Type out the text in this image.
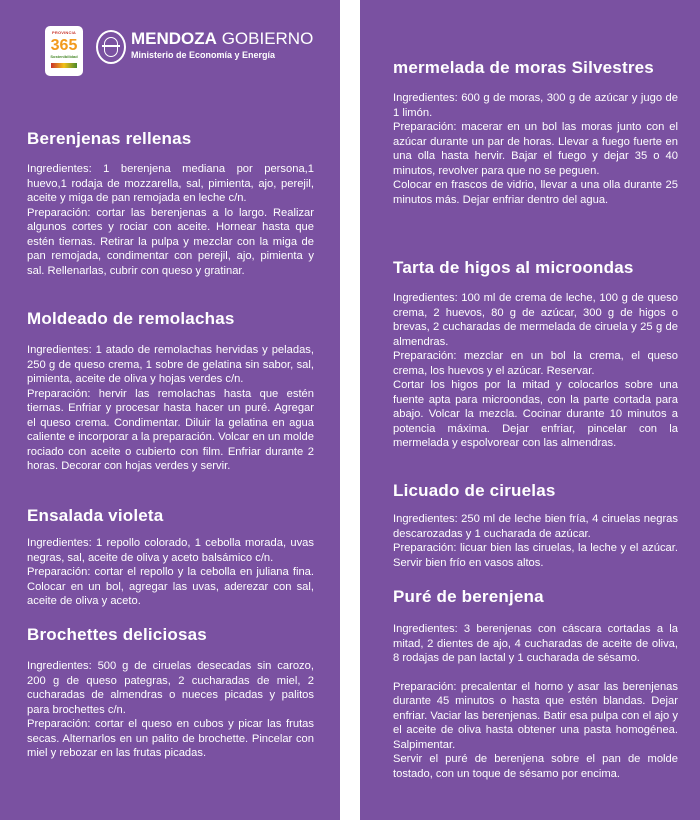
PROVINCIA
365
Sostenibilidad
MENDOZA GOBIERNO
Ministerio de Economía y Energía
Berenjenas rellenas

Ingredientes: 1 berenjena mediana por persona,1 huevo,1 rodaja de mozzarella, sal, pimienta, ajo, perejil, aceite y miga de pan remojada en leche c/n.

Preparación: cortar las berenjenas a lo largo. Realizar algunos cortes y rociar con aceite. Hornear hasta que estén tiernas. Retirar la pulpa y mezclar con la miga de pan remojada, condimentar con perejil, ajo, pimienta y sal. Rellenarlas, cubrir con queso y gratinar.

Moldeado de remolachas

Ingredientes: 1 atado de remolachas hervidas y peladas, 250 g de queso crema, 1 sobre de gelatina sin sabor, sal, pimienta, aceite de oliva y hojas verdes c/n.

Preparación: hervir las remolachas hasta que estén tiernas. Enfriar y procesar hasta hacer un puré. Agregar el queso crema. Condimentar. Diluir la gelatina en agua caliente e incorporar a la preparación. Volcar en un molde rociado con aceite o cubierto con film. Enfriar durante 2 horas. Decorar con hojas verdes y servir.

Ensalada violeta

Ingredientes: 1 repollo colorado, 1 cebolla morada, uvas negras, sal, aceite de oliva y aceto balsámico c/n.

Preparación: cortar el repollo y la cebolla en juliana fina. Colocar en un bol, agregar las uvas, aderezar con sal, aceite de oliva y aceto.

Brochettes deliciosas

Ingredientes: 500 g de ciruelas desecadas sin carozo, 200 g de queso pategras, 2 cucharadas de miel, 2 cucharadas de almendras o nueces picadas y palitos para brochettes c/n.

Preparación: cortar el queso en cubos y picar las frutas secas. Alternarlos en un palito de brochette. Pincelar con miel y rebozar en las frutas picadas.

mermelada de moras Silvestres

Ingredientes: 600 g de moras, 300 g de azúcar y jugo de 1 limón.

Preparación: macerar en un bol las moras junto con el azúcar durante un par de horas. Llevar a fuego fuerte en una olla hasta hervir. Bajar el fuego y dejar 35 o 40 minutos, revolver para que no se peguen.

Colocar en frascos de vidrio, llevar a una olla durante 25 minutos más. Dejar enfriar dentro del agua.

Tarta de higos al microondas

Ingredientes: 100 ml de crema de leche, 100 g de queso crema, 2 huevos, 80 g de azúcar, 300 g de higos o brevas, 2 cucharadas de mermelada de ciruela y 25 g de almendras.

Preparación: mezclar en un bol la crema, el queso crema, los huevos y el azúcar. Reservar.

Cortar los higos por la mitad y colocarlos sobre una fuente apta para microondas, con la parte cortada para abajo. Volcar la mezcla. Cocinar durante 10 minutos a potencia máxima. Dejar enfriar, pincelar con la mermelada y espolvorear con las almendras.

Licuado de ciruelas

Ingredientes: 250 ml de leche bien fría, 4 ciruelas negras descarozadas y 1 cucharada de azúcar.

Preparación: licuar bien las ciruelas, la leche y el azúcar. Servir bien frío en vasos altos.

Puré de berenjena

Ingredientes: 3 berenjenas con cáscara cortadas a la mitad, 2 dientes de ajo, 4 cucharadas de aceite de oliva, 8 rodajas de pan lactal y 1 cucharada de sésamo.

Preparación: precalentar el horno y asar las berenjenas durante 45 minutos o hasta que estén blandas. Dejar enfriar. Vaciar las berenjenas. Batir esa pulpa con el ajo y el aceite de oliva hasta obtener una pasta homogénea. Salpimentar.

Servir el puré de berenjena sobre el pan de molde tostado, con un toque de sésamo por encima.
